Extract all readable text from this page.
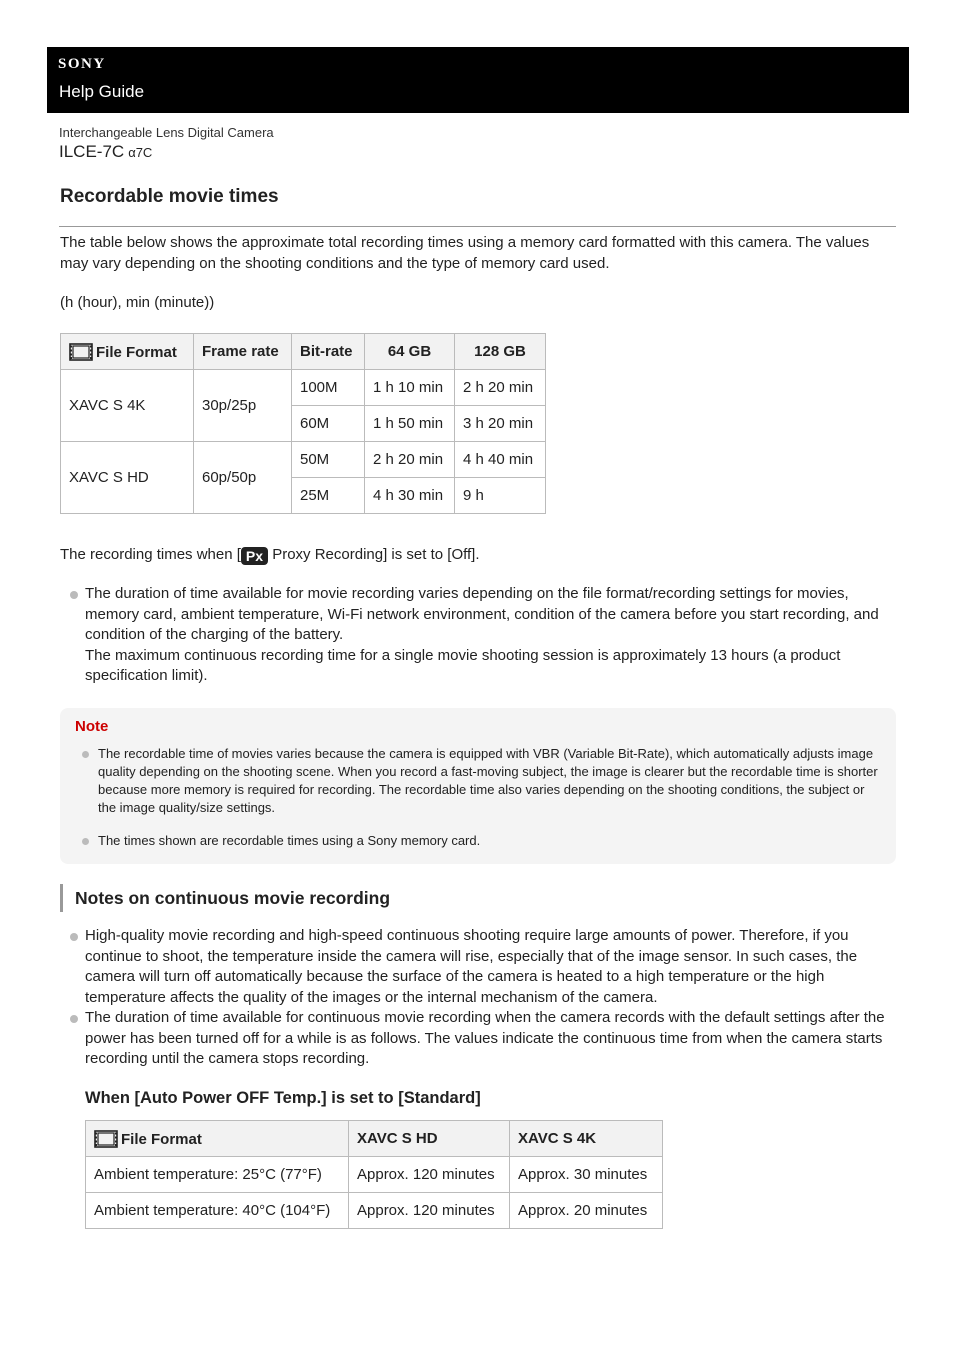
SONY
Help Guide
Interchangeable Lens Digital Camera
ILCE-7C α7C
Recordable movie times
The table below shows the approximate total recording times using a memory card formatted with this camera. The values may vary depending on the shooting conditions and the type of memory card used.
(h (hour), min (minute))
File Format	Frame rate	Bit-rate	64 GB	128 GB
XAVC S 4K	30p/25p	100M	1 h 10 min	2 h 20 min
		60M	1 h 50 min	3 h 20 min
XAVC S HD	60p/50p	50M	2 h 20 min	4 h 40 min
		25M	4 h 30 min	9 h
The recording times when [ Px Proxy Recording] is set to [Off].
The duration of time available for movie recording varies depending on the file format/recording settings for movies, memory card, ambient temperature, Wi-Fi network environment, condition of the camera before you start recording, and condition of the charging of the battery.
The maximum continuous recording time for a single movie shooting session is approximately 13 hours (a product specification limit).
Note
The recordable time of movies varies because the camera is equipped with VBR (Variable Bit-Rate), which automatically adjusts image quality depending on the shooting scene. When you record a fast-moving subject, the image is clearer but the recordable time is shorter because more memory is required for recording. The recordable time also varies depending on the shooting conditions, the subject or the image quality/size settings.
The times shown are recordable times using a Sony memory card.
Notes on continuous movie recording
High-quality movie recording and high-speed continuous shooting require large amounts of power. Therefore, if you continue to shoot, the temperature inside the camera will rise, especially that of the image sensor. In such cases, the camera will turn off automatically because the surface of the camera is heated to a high temperature or the high temperature affects the quality of the images or the internal mechanism of the camera.
The duration of time available for continuous movie recording when the camera records with the default settings after the power has been turned off for a while is as follows. The values indicate the continuous time from when the camera starts recording until the camera stops recording.
When [Auto Power OFF Temp.] is set to [Standard]
File Format	XAVC S HD	XAVC S 4K
Ambient temperature: 25°C (77°F)	Approx. 120 minutes	Approx. 30 minutes
Ambient temperature: 40°C (104°F)	Approx. 120 minutes	Approx. 20 minutes
